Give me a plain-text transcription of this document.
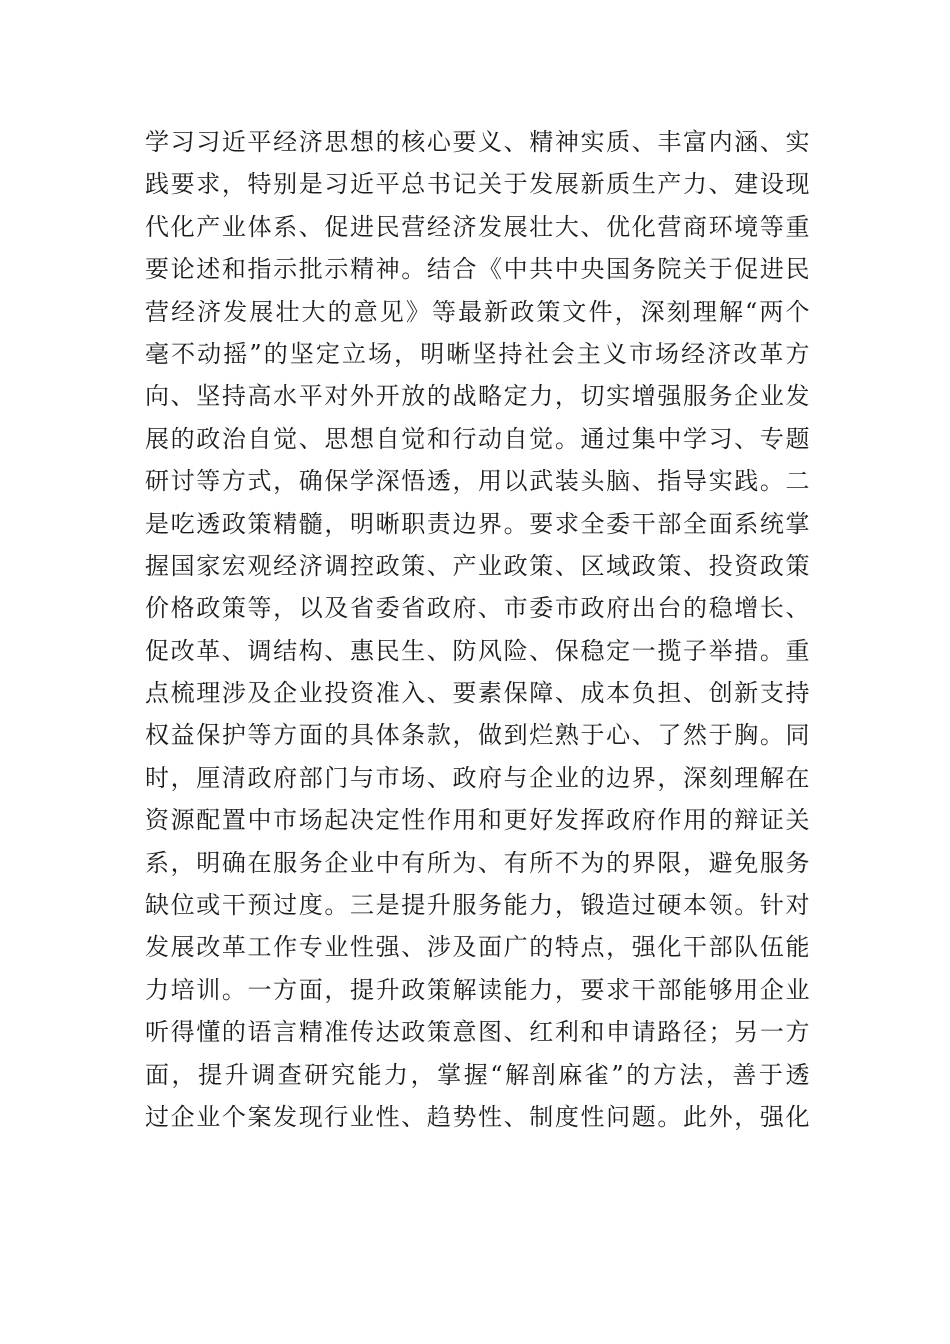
学习习近平经济思想的核心要义、精神实质、丰富内涵、实
践要求，特别是习近平总书记关于发展新质生产力、建设现
代化产业体系、促进民营经济发展壮大、优化营商环境等重
要论述和指示批示精神。结合《中共中央国务院关于促进民
营经济发展壮大的意见》等最新政策文件，深刻理解“两个
毫不动摇”的坚定立场，明晰坚持社会主义市场经济改革方
向、坚持高水平对外开放的战略定力，切实增强服务企业发
展的政治自觉、思想自觉和行动自觉。通过集中学习、专题
研讨等方式，确保学深悟透，用以武装头脑、指导实践。二
是吃透政策精髓，明晰职责边界。要求全委干部全面系统掌
握国家宏观经济调控政策、产业政策、区域政策、投资政策
价格政策等，以及省委省政府、市委市政府出台的稳增长、
促改革、调结构、惠民生、防风险、保稳定一揽子举措。重
点梳理涉及企业投资准入、要素保障、成本负担、创新支持
权益保护等方面的具体条款，做到烂熟于心、了然于胸。同
时，厘清政府部门与市场、政府与企业的边界，深刻理解在
资源配置中市场起决定性作用和更好发挥政府作用的辩证关
系，明确在服务企业中有所为、有所不为的界限，避免服务
缺位或干预过度。三是提升服务能力，锻造过硬本领。针对
发展改革工作专业性强、涉及面广的特点，强化干部队伍能
力培训。一方面，提升政策解读能力，要求干部能够用企业
听得懂的语言精准传达政策意图、红利和申请路径；另一方
面，提升调查研究能力，掌握“解剖麻雀”的方法，善于透
过企业个案发现行业性、趋势性、制度性问题。此外，强化
